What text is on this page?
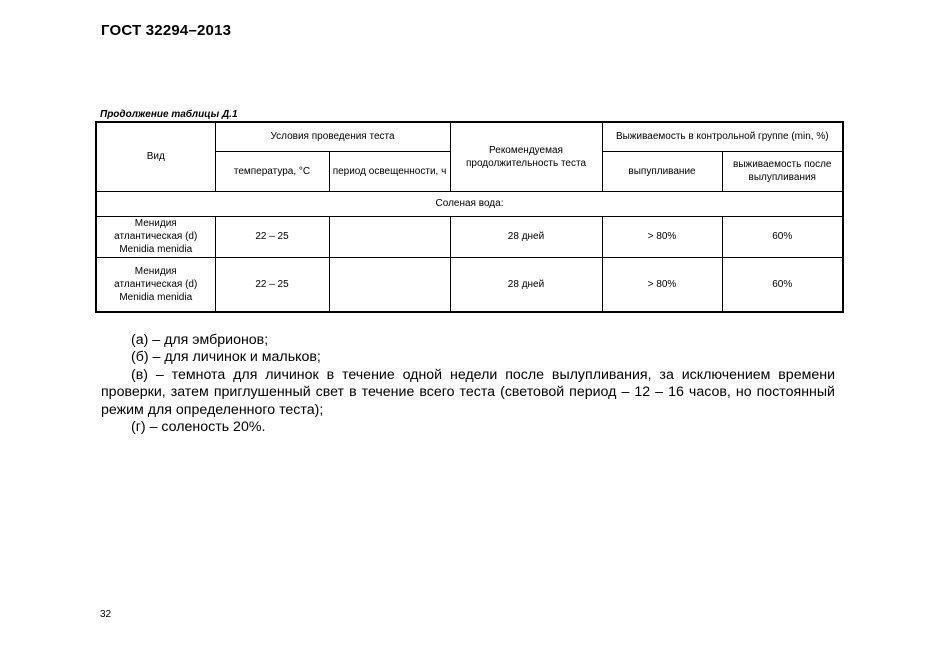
ГОСТ 32294–2013
Продолжение таблицы Д.1
Вид	Условия проведения теста		Рекомендуемая продолжительность теста	Выживаемость в контрольной группе (min, %)	
	температура, °С	период освещенности, ч		выпупливание	выживаемость после вылупливания
Соленая вода:					

Менидия
атлантическая (d)
Menidia menidia	22 – 25		28 дней	> 80%	60%

Менидия
атлантическая (d)
Menidia menidia	22 – 25		28 дней	> 80%	60%

(а) – для эмбрионов;

(б) – для личинок и мальков;

(в) – темнота для личинок в течение одной недели после вылупливания, за исключением времени проверки, затем приглушенный свет в течение всего теста (световой период – 12 – 16 часов, но постоянный режим для определенного теста);

(г) – соленость 20%.

32
